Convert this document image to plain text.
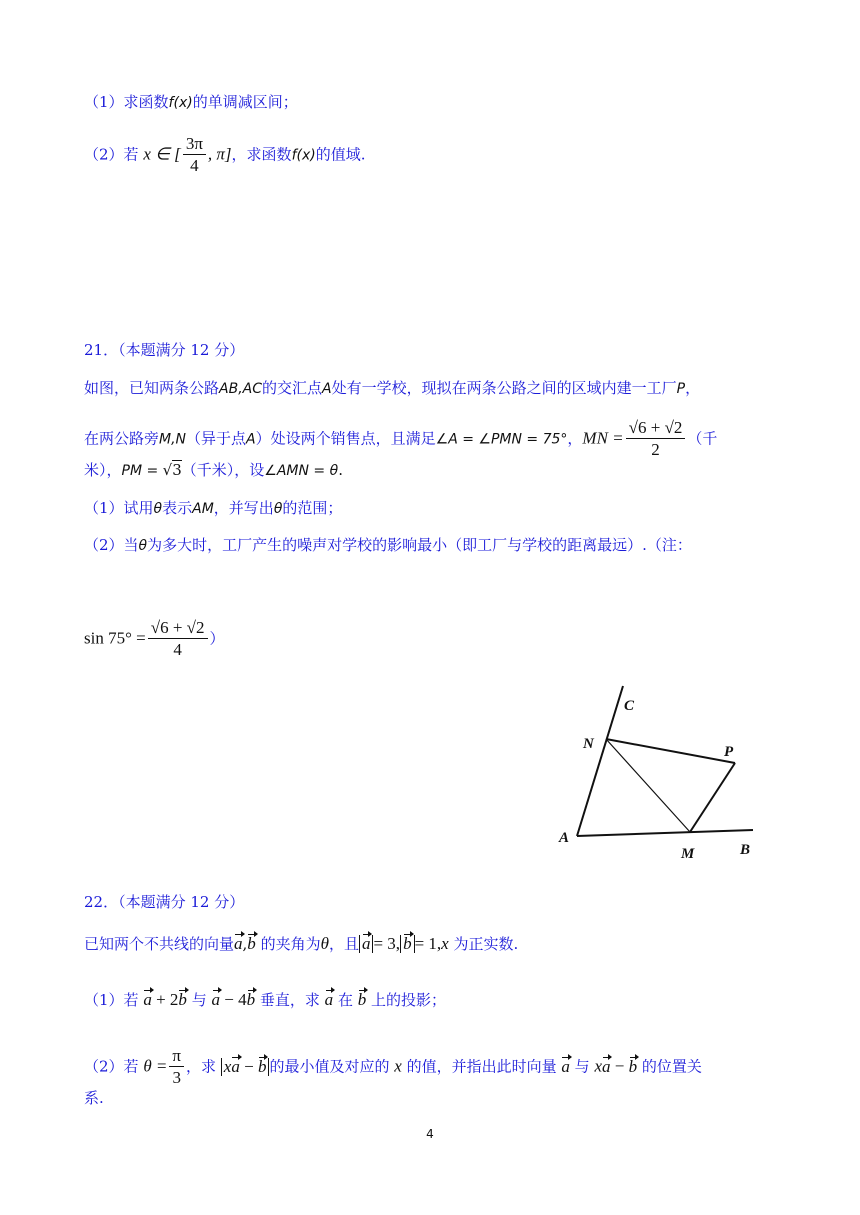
（1）求函数f(x)的单调减区间；
（2）若 x ∈ [ $\frac{3\pi}{4}$ , π]，求函数f(x)的值域.
21．（本题满分 12 分）
如图，已知两条公路AB,AC的交汇点A处有一学校，现拟在两条公路之间的区域内建一工厂P，
在两公路旁M,N（异于点A）处设两个销售点，且满足∠A = ∠PMN = 75°，MN = $\frac{√6 + √2}{2}$ （千
米），PM = √3（千米），设∠AMN = θ.
（1）试用θ表示AM，并写出θ的范围；
（2）当θ为多大时，工厂产生的噪声对学校的影响最小（即工厂与学校的距离最远）.（注：
$\sin 75^\circ = \frac{√6 + √2}{4}$ ）
C
N	P
A
M	B
22．（本题满分 12 分）
已知两个不共线的向量a,b 的夹角为θ，且 a = 3, b = 1,x 为正实数.
（1）若 a + 2b 与 a − 4b 垂直，求 a 在 b 上的投影；
（2）若 $\theta = \frac{\pi}{3}$ ，求 xa − b 的最小值及对应的 x 的值，并指出此时向量 a 与 xa − b 的位置关
系.
4
